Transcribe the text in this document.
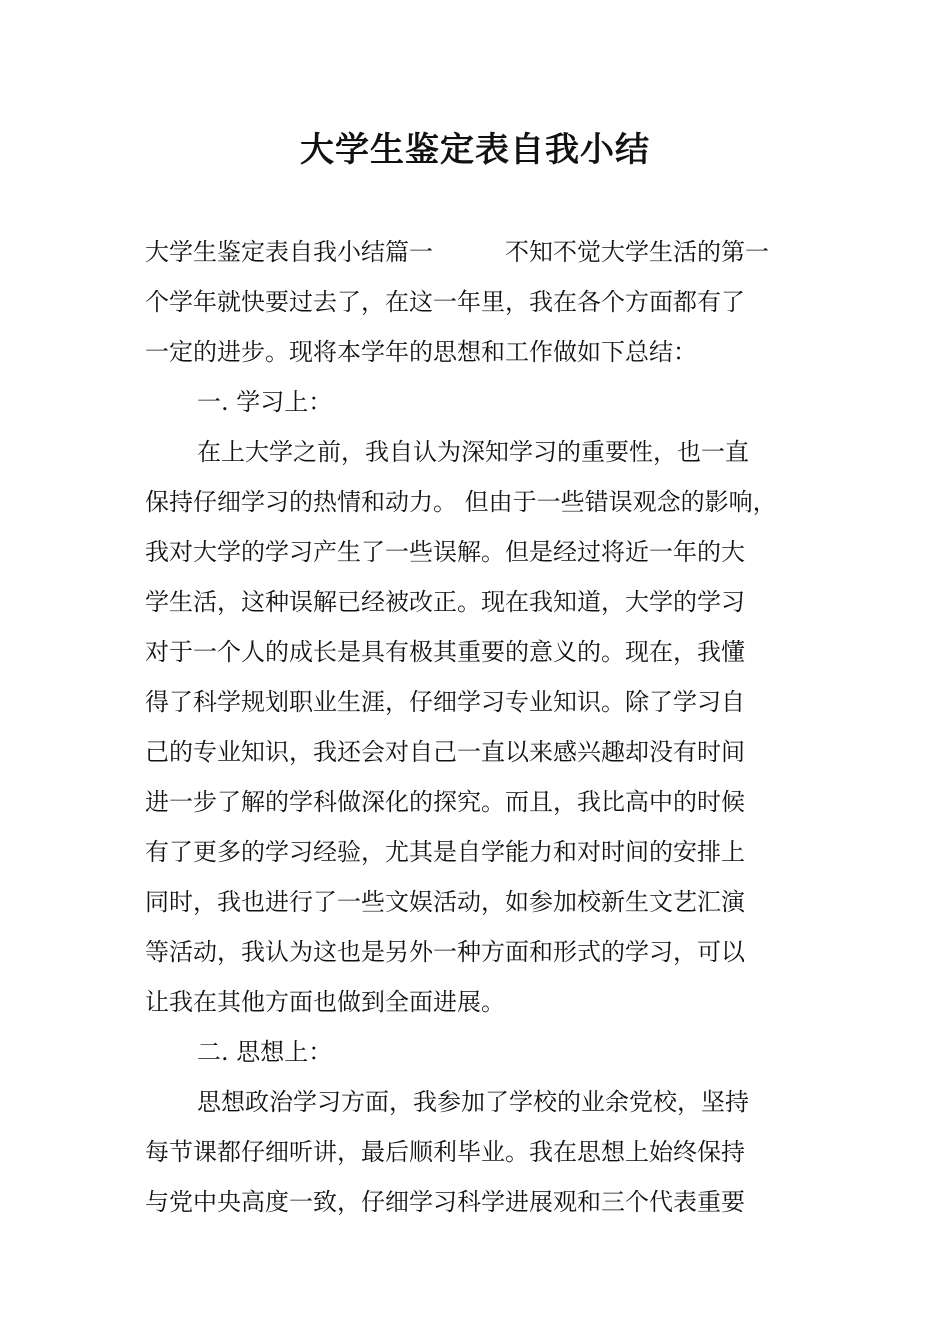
大学生鉴定表自我小结
大学生鉴定表自我小结篇一	不知不觉大学生活的第一
个学年就快要过去了，在这一年里，我在各个方面都有了
一定的进步。现将本学年的思想和工作做如下总结：
一. 学习上：
在上大学之前，我自认为深知学习的重要性，也一直
保持仔细学习的热情和动力。 但由于一些错误观念的影响，
我对大学的学习产生了一些误解。但是经过将近一年的大
学生活，这种误解已经被改正。现在我知道，大学的学习
对于一个人的成长是具有极其重要的意义的。现在，我懂
得了科学规划职业生涯，仔细学习专业知识。除了学习自
己的专业知识，我还会对自己一直以来感兴趣却没有时间
进一步了解的学科做深化的探究。而且，我比高中的时候
有了更多的学习经验，尤其是自学能力和对时间的安排上
同时，我也进行了一些文娱活动，如参加校新生文艺汇演
等活动，我认为这也是另外一种方面和形式的学习，可以
让我在其他方面也做到全面进展。
二. 思想上：
思想政治学习方面，我参加了学校的业余党校，坚持
每节课都仔细听讲，最后顺利毕业。我在思想上始终保持
与党中央高度一致，仔细学习科学进展观和三个代表重要
